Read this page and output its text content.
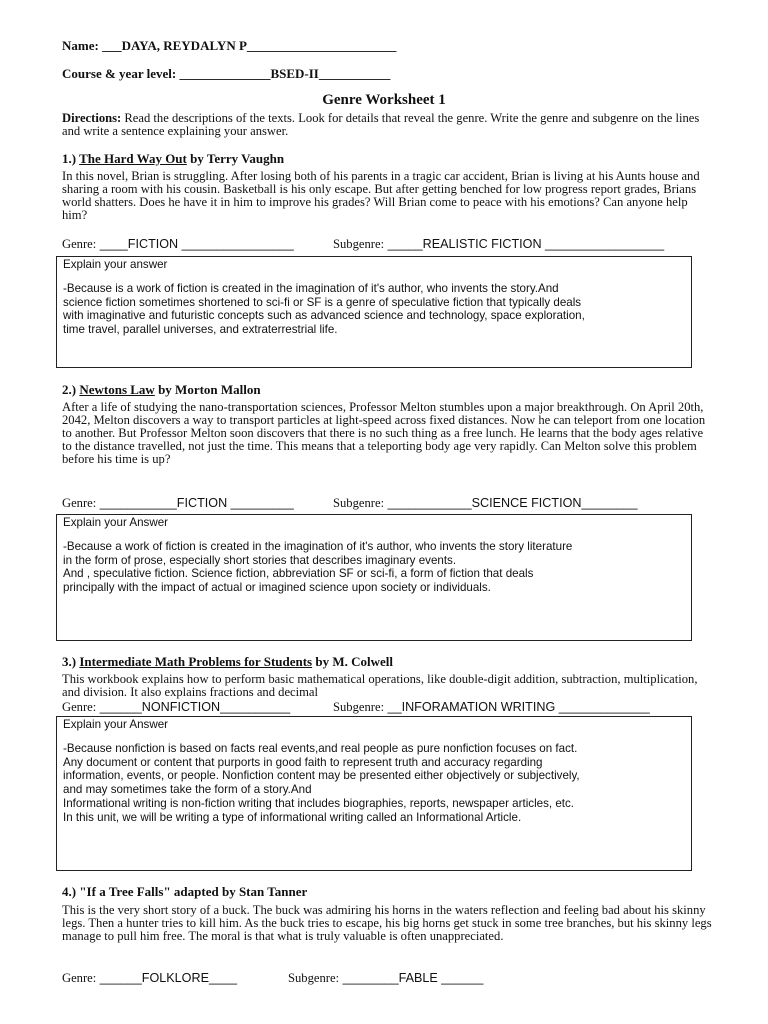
Name: ___DAYA, REYDALYN P_______________________
Course & year level: ______________BSED-II___________
Genre Worksheet 1
Directions: Read the descriptions of the texts. Look for details that reveal the genre. Write the genre and subgenre on the lines and write a sentence explaining your answer.
1.) The Hard Way Out by Terry Vaughn
In this novel, Brian is struggling. After losing both of his parents in a tragic car accident, Brian is living at his Aunts house and sharing a room with his cousin. Basketball is his only escape. But after getting benched for low progress report grades, Brians world shatters. Does he have it in him to improve his grades? Will Brian come to peace with his emotions? Can anyone help him?
Genre: ____FICTION ________________	Subgenre: _____REALISTIC FICTION _________________
Explain your answer
-Because is a work of fiction is created in the imagination of it's author, who invents the story.And
science fiction sometimes shortened to sci-fi or SF is a genre of speculative fiction that typically deals
with imaginative and futuristic concepts such as advanced science and technology, space exploration,
time travel, parallel universes, and extraterrestrial life.
2.) Newtons Law by Morton Mallon
After a life of studying the nano-transportation sciences, Professor Melton stumbles upon a major breakthrough. On April 20th, 2042, Melton discovers a way to transport particles at light-speed across fixed distances. Now he can teleport from one location to another. But Professor Melton soon discovers that there is no such thing as a free lunch. He learns that the body ages relative to the distance travelled, not just the time. This means that a teleporting body age very rapidly. Can Melton solve this problem before his time is up?
Genre: ___________FICTION _________	Subgenre: ____________SCIENCE FICTION________
Explain your Answer
-Because a work of fiction is created in the imagination of it's author, who invents the story literature
in the form of prose, especially short stories that describes imaginary events.
And , speculative fiction. Science fiction, abbreviation SF or sci-fi, a form of fiction that deals
principally with the impact of actual or imagined science upon society or individuals.
3.) Intermediate Math Problems for Students by M. Colwell
This workbook explains how to perform basic mathematical operations, like double-digit addition, subtraction, multiplication, and division. It also explains fractions and decimal
Genre: ______NONFICTION__________	Subgenre: __INFORAMATION WRITING _____________
Explain your Answer
-Because nonfiction is based on facts real events,and real people as pure nonfiction focuses on fact.
Any document or content that purports in good faith to represent truth and accuracy regarding
information, events, or people. Nonfiction content may be presented either objectively or subjectively,
and may sometimes take the form of a story.And
Informational writing is non-fiction writing that includes biographies, reports, newspaper articles, etc.
In this unit, we will be writing a type of informational writing called an Informational Article.
4.) "If a Tree Falls" adapted by Stan Tanner
This is the very short story of a buck. The buck was admiring his horns in the waters reflection and feeling bad about his skinny legs. Then a hunter tries to kill him. As the buck tries to escape, his big horns get stuck in some tree branches, but his skinny legs manage to pull him free. The moral is that what is truly valuable is often unappreciated.
Genre: ______FOLKLORE____	Subgenre: ________FABLE ______
